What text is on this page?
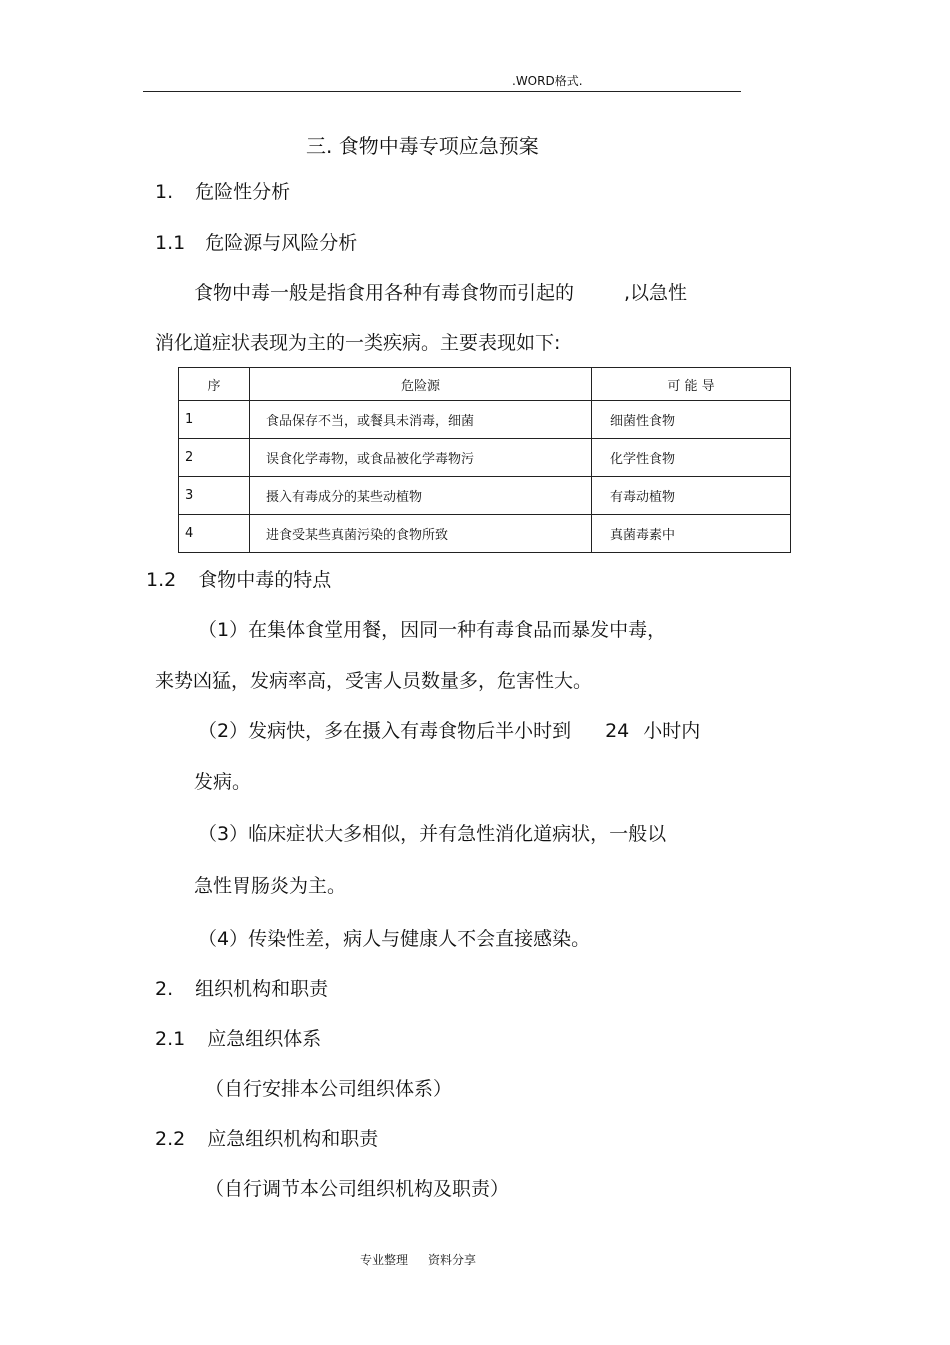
.WORD格式.
三. 食物中毒专项应急预案
1. 危险性分析
1.1 危险源与风险分析
食物中毒一般是指食用各种有毒食物而引起的	,以急性
消化道症状表现为主的一类疾病。主要表现如下:
序	危险源	可 能 导
1	食品保存不当，或餐具未消毒，细菌	细菌性食物
2	误食化学毒物，或食品被化学毒物污	化学性食物
3	摄入有毒成分的某些动植物	有毒动植物
4	进食受某些真菌污染的食物所致	真菌毒素中
1.2 食物中毒的特点
（1）在集体食堂用餐，因同一种有毒食品而暴发中毒，
来势凶猛，发病率高，受害人员数量多，危害性大。
（2）发病快，多在摄入有毒食物后半小时到 24 小时内
发病。
（3）临床症状大多相似，并有急性消化道病状，一般以
急性胃肠炎为主。
（4）传染性差，病人与健康人不会直接感染。
2. 组织机构和职责
2.1 应急组织体系
（自行安排本公司组织体系）
2.2 应急组织机构和职责
（自行调节本公司组织机构及职责）
专业整理 资料分享
